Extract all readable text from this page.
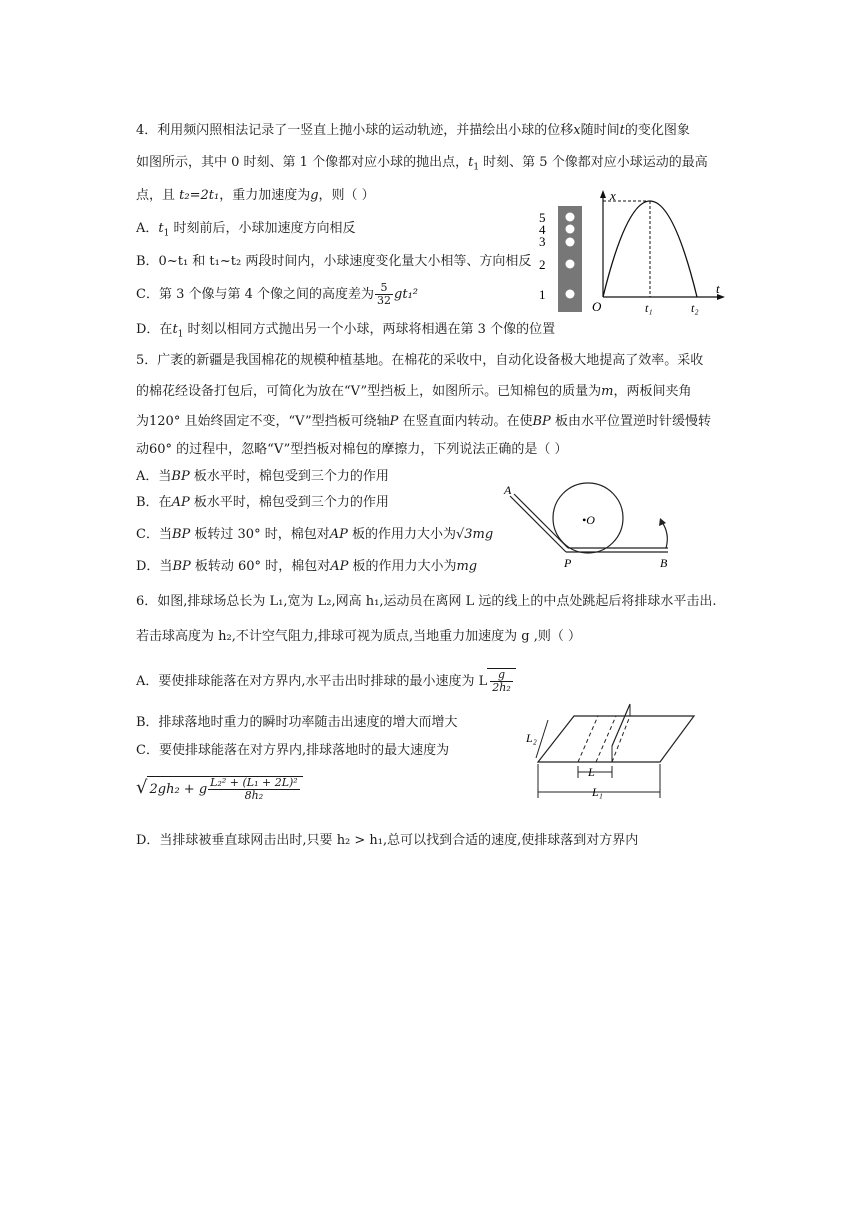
4．利用频闪照相法记录了一竖直上抛小球的运动轨迹，并描绘出小球的位移x随时间t的变化图象
如图所示，其中 0 时刻、第 1 个像都对应小球的抛出点，$t_1$ 时刻、第 5 个像都对应小球运动的最高
点，且 t₂=2t₁，重力加速度为g，则（ ）
A．$t_1$ 时刻前后，小球加速度方向相反
B．0~t₁ 和 t₁~t₂ 两段时间内，小球速度变化量大小相等、方向相反
C．第 3 个像与第 4 个像之间的高度差为 $\frac{5}{32} gt_1^2$
D．在$t_1$ 时刻以相同方式抛出另一个小球，两球将相遇在第 3 个像的位置
5
4
3
2
1
x
t
O	t₁	t₂
5．广袤的新疆是我国棉花的规模种植基地。在棉花的采收中，自动化设备极大地提高了效率。采收
的棉花经设备打包后，可简化为放在“V”型挡板上，如图所示。已知棉包的质量为m，两板间夹角
为120° 且始终固定不变，“V”型挡板可绕轴P 在竖直面内转动。在使BP 板由水平位置逆时针缓慢转
动60° 的过程中，忽略“V”型挡板对棉包的摩擦力，下列说法正确的是（ ）
A．当BP 板水平时，棉包受到三个力的作用
B．在AP 板水平时，棉包受到三个力的作用
C．当BP 板转过 30° 时，棉包对AP 板的作用力大小为√3mg
D．当BP 板转动 60° 时，棉包对AP 板的作用力大小为mg
•O
A
P	B
6．如图,排球场总长为 L₁,宽为 L₂,网高 h₁,运动员在离网 L 远的线上的中点处跳起后将排球水平击出.
若击球高度为 h₂,不计空气阻力,排球可视为质点,当地重力加速度为 g ,则（ ）
A．要使排球能落在对方界内,水平击出时排球的最小速度为 L $\frac{g}{\text{2h₂}}$
B．排球落地时重力的瞬时功率随击出速度的增大而增大
C．要使排球能落在对方界内,排球落地时的最大速度为
√ 2gh₂ + g $\frac{\text{L₂² + (L₁ + 2L)²}}{\text{8h₂}}$
D．当排球被垂直球网击出时,只要 h₂ > h₁,总可以找到合适的速度,使排球落到对方界内
L₂
L
L₁
